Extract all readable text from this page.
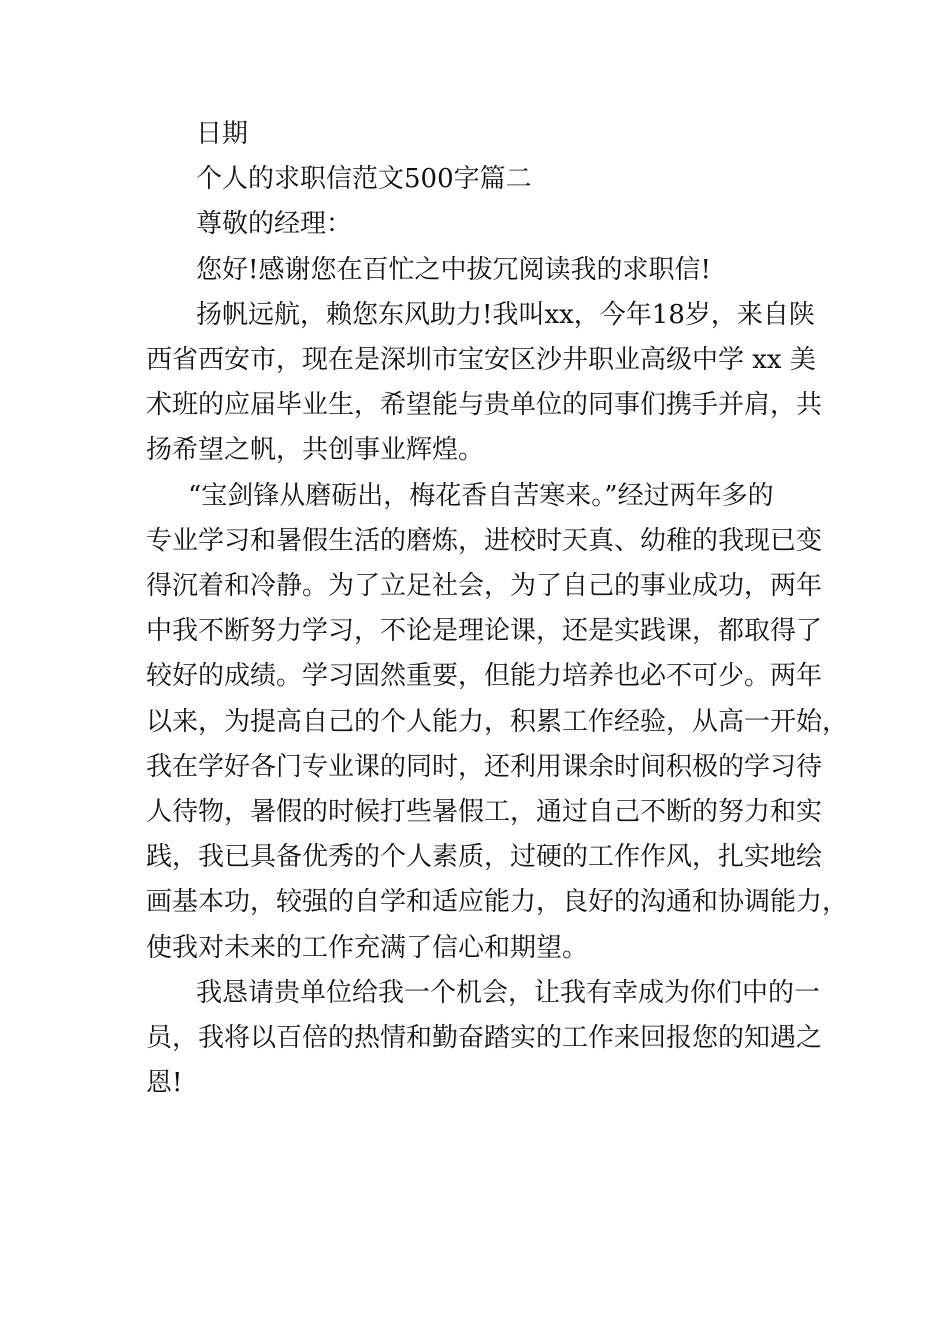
日期
个人的求职信范文500字篇二
尊敬的经理：
您好!感谢您在百忙之中拔冗阅读我的求职信!
扬帆远航，赖您东风助力!我叫xx，今年18岁，来自陕
西省西安市，现在是深圳市宝安区沙井职业高级中学 xx 美
术班的应届毕业生，希望能与贵单位的同事们携手并肩，共
扬希望之帆，共创事业辉煌。
“宝剑锋从磨砺出，梅花香自苦寒来。”经过两年多的
专业学习和暑假生活的磨炼，进校时天真、幼稚的我现已变
得沉着和冷静。为了立足社会，为了自己的事业成功，两年
中我不断努力学习，不论是理论课，还是实践课，都取得了
较好的成绩。学习固然重要，但能力培养也必不可少。两年
以来，为提高自己的个人能力，积累工作经验，从高一开始，
我在学好各门专业课的同时，还利用课余时间积极的学习待
人待物，暑假的时候打些暑假工，通过自己不断的努力和实
践，我已具备优秀的个人素质，过硬的工作作风，扎实地绘
画基本功，较强的自学和适应能力，良好的沟通和协调能力，
使我对未来的工作充满了信心和期望。
我恳请贵单位给我一个机会，让我有幸成为你们中的一
员，我将以百倍的热情和勤奋踏实的工作来回报您的知遇之
恩!
